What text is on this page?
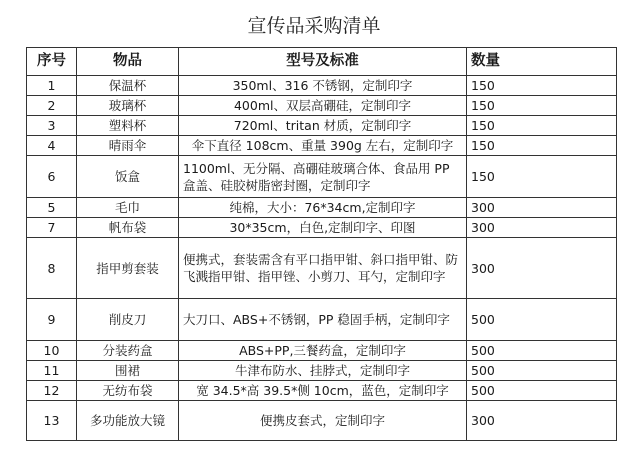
宣传品采购清单
序号	物品	型号及标准	数量
1	保温杯	350ml、316 不锈钢，定制印字	150
2	玻璃杯	400ml、双层高硼硅，定制印字	150
3	塑料杯	720ml、tritan 材质，定制印字	150
4	晴雨伞	伞下直径 108cm、重量 390g 左右，定制印字	150
6	饭盒	1100ml、无分隔、高硼硅玻璃合体、食品用 PP 盒盖、硅胶树脂密封圈，定制印字	150
5	毛巾	纯棉，大小：76*34cm,定制印字	300
7	帆布袋	30*35cm，白色,定制印字、印图	300
8	指甲剪套装	便携式，套装需含有平口指甲钳、斜口指甲钳、防飞溅指甲钳、指甲锉、小剪刀、耳勺，定制印字	300
9	削皮刀	大刀口、ABS+不锈钢，PP 稳固手柄，定制印字	500
10	分装药盒	ABS+PP,三餐药盒，定制印字	500
11	围裙	牛津布防水、挂脖式，定制印字	500
12	无纺布袋	宽 34.5*高 39.5*侧 10cm，蓝色，定制印字	500
13	多功能放大镜	便携皮套式，定制印字	300
